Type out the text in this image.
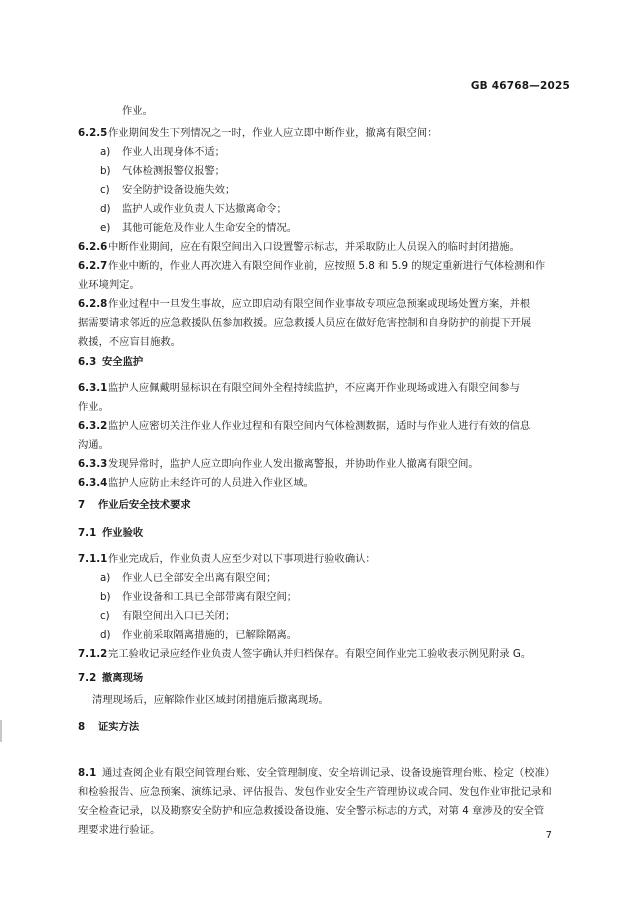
GB 46768—2025
作业。
6.2.5作业期间发生下列情况之一时，作业人应立即中断作业，撤离有限空间：
a) 作业人出现身体不适；
b) 气体检测报警仪报警；
c) 安全防护设备设施失效；
d) 监护人或作业负责人下达撤离命令；
e) 其他可能危及作业人生命安全的情况。
6.2.6中断作业期间，应在有限空间出入口设置警示标志，并采取防止人员误入的临时封闭措施。
6.2.7作业中断的，作业人再次进入有限空间作业前，应按照 5.8 和 5.9 的规定重新进行气体检测和作
业环境判定。
6.2.8作业过程中一旦发生事故，应立即启动有限空间作业事故专项应急预案或现场处置方案，并根
据需要请求邻近的应急救援队伍参加救援。应急救援人员应在做好危害控制和自身防护的前提下开展
救援，不应盲目施救。
6.3 安全监护
6.3.1监护人应佩戴明显标识在有限空间外全程持续监护，不应离开作业现场或进入有限空间参与
作业。
6.3.2监护人应密切关注作业人作业过程和有限空间内气体检测数据，适时与作业人进行有效的信息
沟通。
6.3.3发现异常时，监护人应立即向作业人发出撤离警报，并协助作业人撤离有限空间。
6.3.4监护人应防止未经许可的人员进入作业区域。
7 作业后安全技术要求
7.1 作业验收
7.1.1作业完成后，作业负责人应至少对以下事项进行验收确认：
a) 作业人已全部安全出离有限空间；
b) 作业设备和工具已全部带离有限空间；
c) 有限空间出入口已关闭；
d) 作业前采取隔离措施的，已解除隔离。
7.1.2完工验收记录应经作业负责人签字确认并归档保存。有限空间作业完工验收表示例见附录 G。
7.2 撤离现场
清理现场后，应解除作业区域封闭措施后撤离现场。
8 证实方法
8.1 通过查阅企业有限空间管理台账、安全管理制度、安全培训记录、设备设施管理台账、检定（校准）
和检验报告、应急预案、演练记录、评估报告、发包作业安全生产管理协议或合同、发包作业审批记录和
安全检查记录，以及勘察安全防护和应急救援设备设施、安全警示标志的方式，对第 4 章涉及的安全管
理要求进行验证。	7
